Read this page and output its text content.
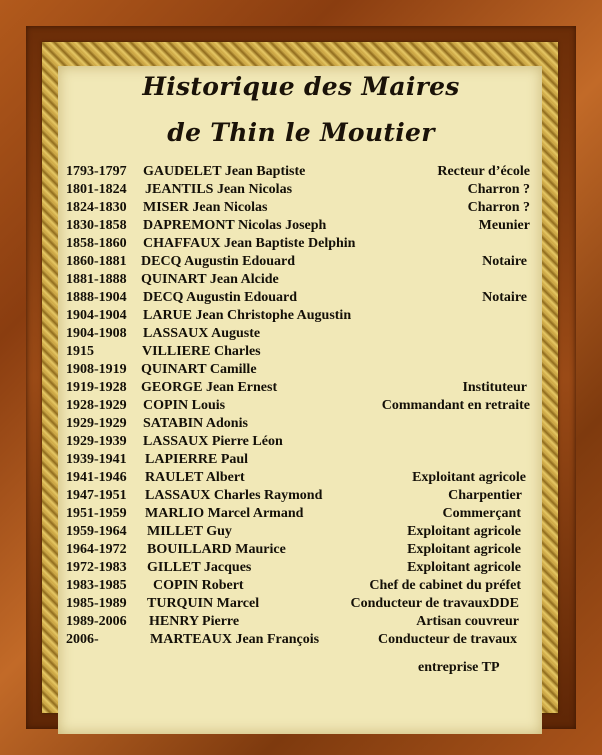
Historique des Maires
de Thin le Moutier
1793-1797 GAUDELET Jean Baptiste	Recteur d’école
1801-1824 JEANTILS Jean Nicolas	Charron ?
1824-1830 MISER Jean Nicolas	Charron ?
1830-1858 DAPREMONT Nicolas Joseph	Meunier
1858-1860 CHAFFAUX Jean Baptiste Delphin
1860-1881 DECQ Augustin Edouard	Notaire
1881-1888 QUINART Jean Alcide
1888-1904 DECQ Augustin Edouard	Notaire
1904-1904 LARUE Jean Christophe Augustin
1904-1908 LASSAUX Auguste
1915	VILLIERE Charles
1908-1919 QUINART Camille
1919-1928 GEORGE Jean Ernest	Instituteur
1928-1929 COPIN Louis	Commandant en retraite
1929-1929 SATABIN Adonis
1929-1939 LASSAUX Pierre Léon
1939-1941 LAPIERRE Paul
1941-1946 RAULET Albert	Exploitant agricole
1947-1951 LASSAUX Charles Raymond	Charpentier
1951-1959 MARLIO Marcel Armand	Commerçant
1959-1964 MILLET Guy	Exploitant agricole
1964-1972 BOUILLARD Maurice	Exploitant agricole
1972-1983 GILLET Jacques	Exploitant agricole
1983-1985 COPIN Robert	Chef de cabinet du préfet
1985-1989 TURQUIN Marcel	Conducteur de travauxDDE
1989-2006 HENRY Pierre	Artisan couvreur
2006-	MARTEAUX Jean François	Conducteur de travaux
entreprise TP
